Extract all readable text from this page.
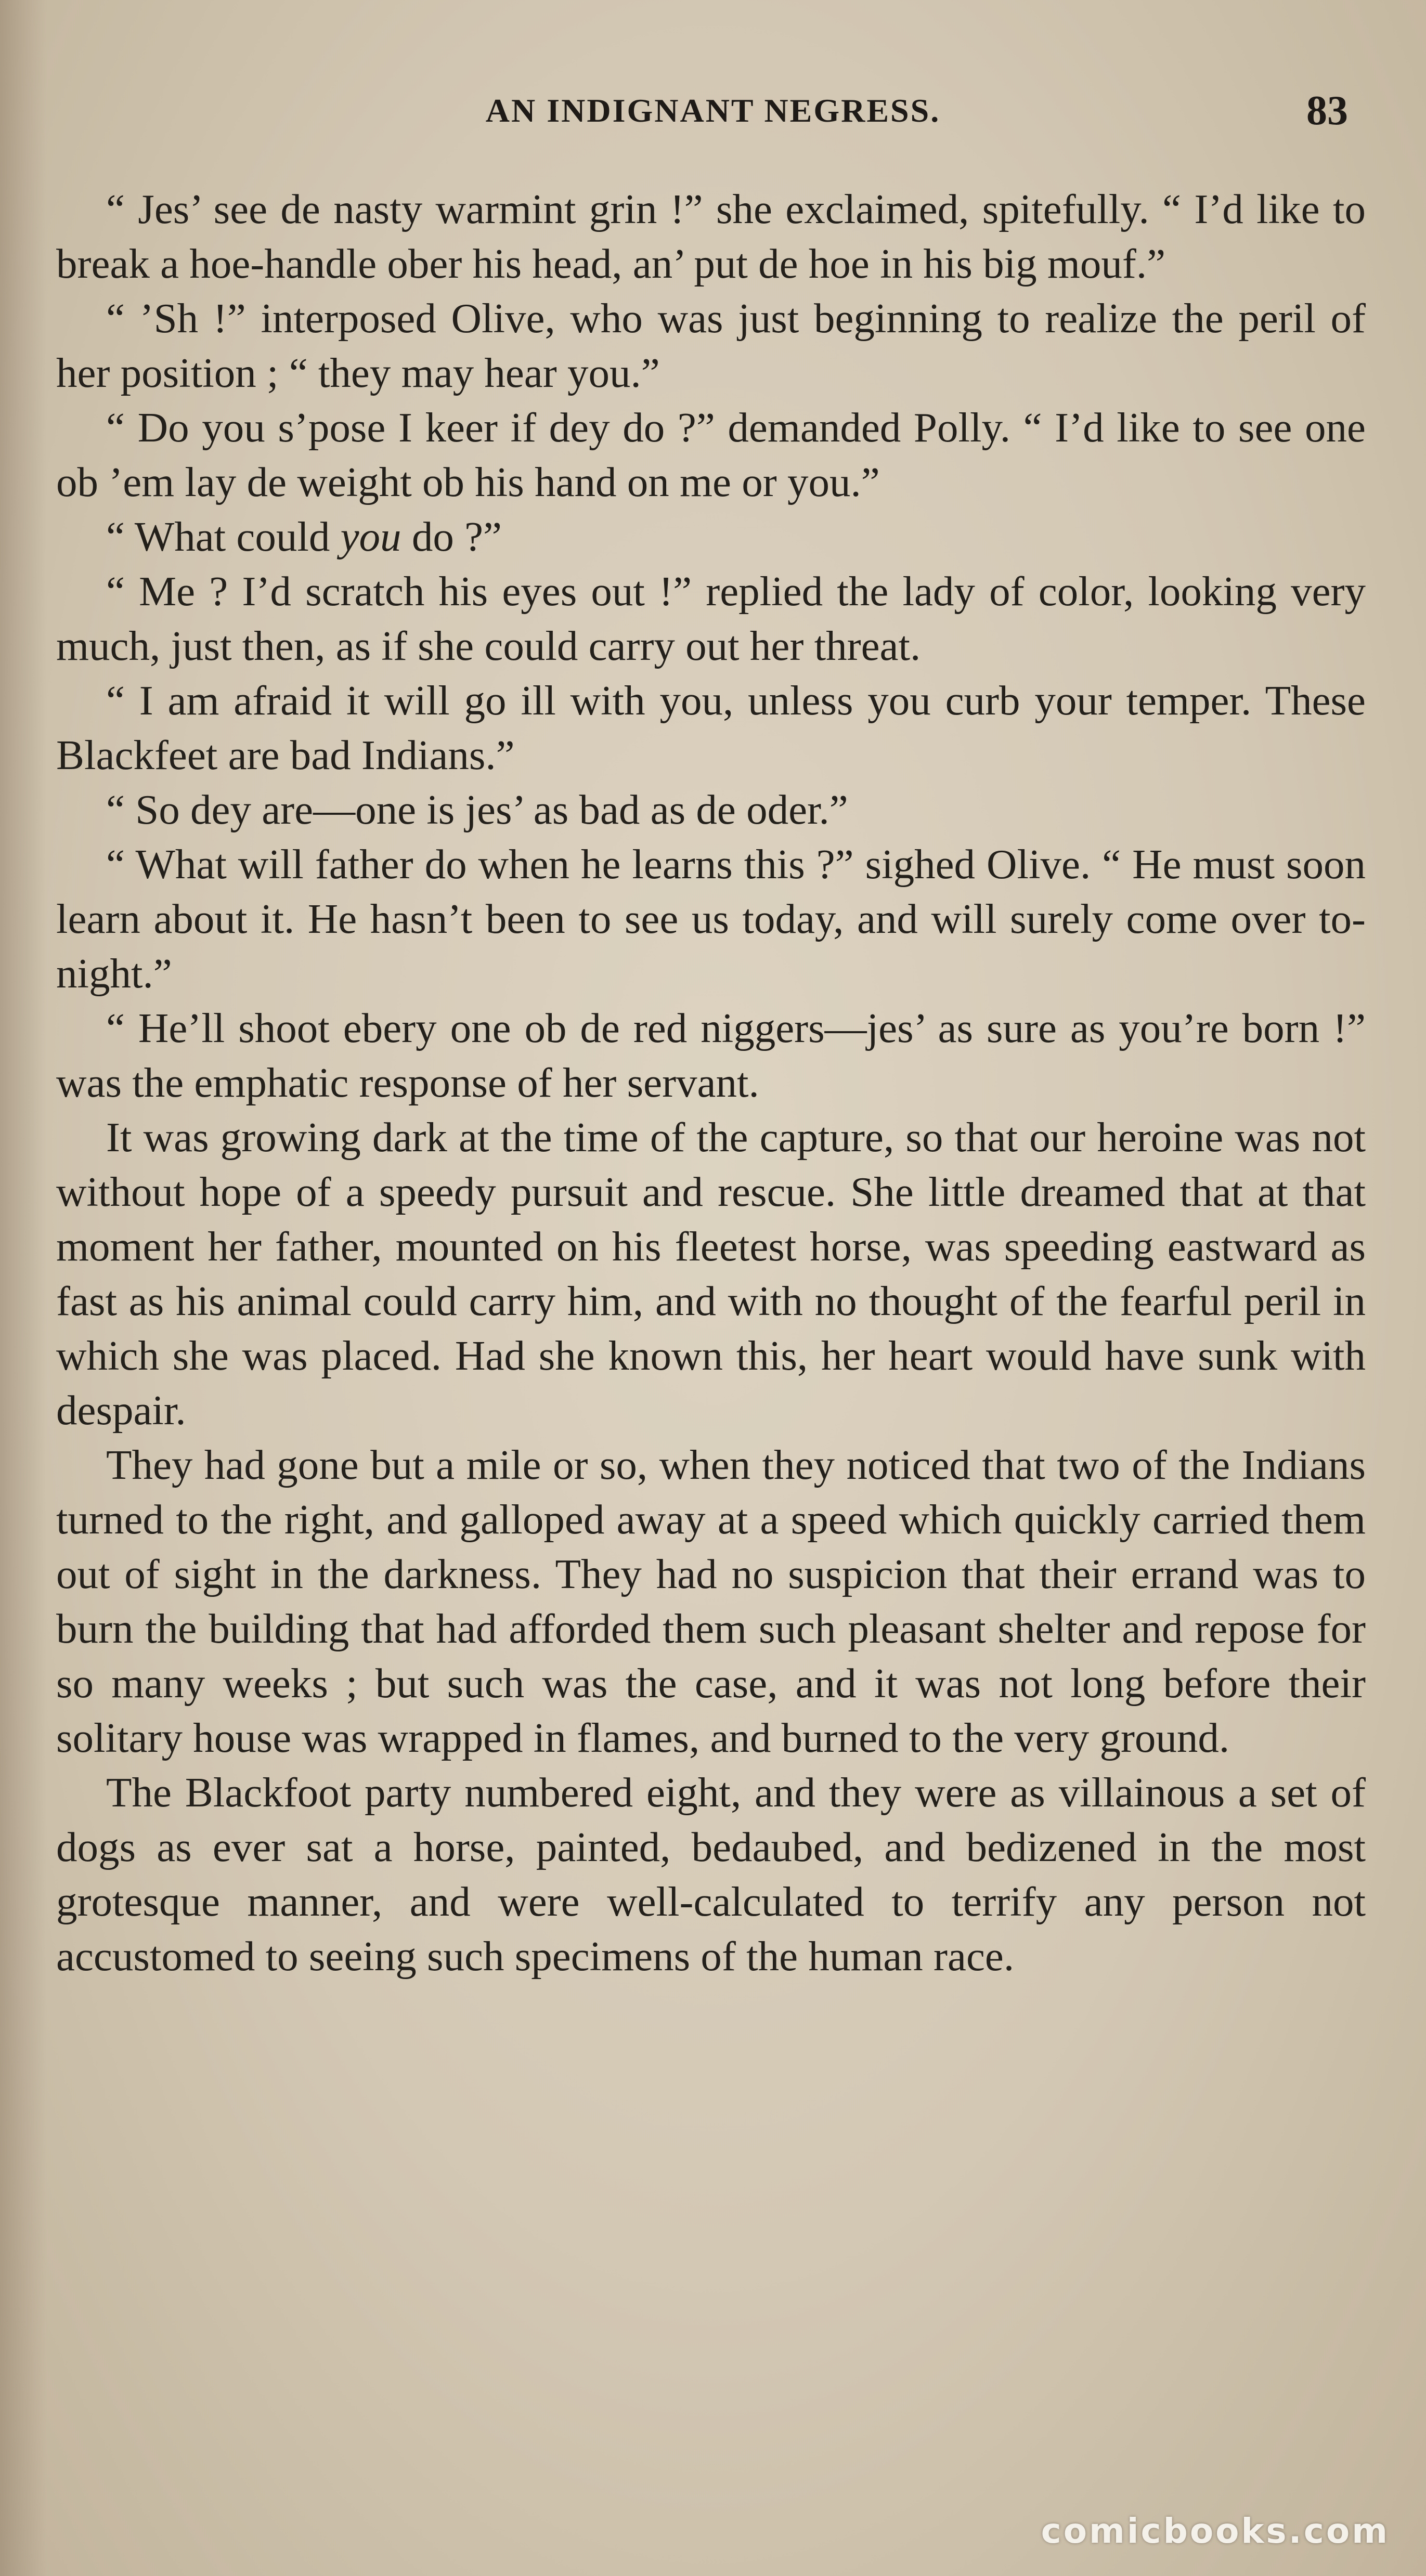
AN INDIGNANT NEGRESS.	83

“ Jes’ see de nasty warmint grin !” she exclaimed, spitefully. “ I’d like to break a hoe-handle ober his head, an’ put de hoe in his big mouf.”

“ ’Sh !” interposed Olive, who was just beginning to realize the peril of her position ; “ they may hear you.”

“ Do you s’pose I keer if dey do ?” demanded Polly. “ I’d like to see one ob ’em lay de weight ob his hand on me or you.”

“ What could you do ?”

“ Me ? I’d scratch his eyes out !” replied the lady of color, looking very much, just then, as if she could carry out her threat.

“ I am afraid it will go ill with you, unless you curb your temper. These Blackfeet are bad Indians.”

“ So dey are—one is jes’ as bad as de oder.”

“ What will father do when he learns this ?” sighed Olive. “ He must soon learn about it. He hasn’t been to see us today, and will surely come over to-night.”

“ He’ll shoot ebery one ob de red niggers—jes’ as sure as you’re born !” was the emphatic response of her servant.

It was growing dark at the time of the capture, so that our heroine was not without hope of a speedy pursuit and rescue. She little dreamed that at that moment her father, mounted on his fleetest horse, was speeding eastward as fast as his animal could carry him, and with no thought of the fearful peril in which she was placed. Had she known this, her heart would have sunk with despair.

They had gone but a mile or so, when they noticed that two of the Indians turned to the right, and galloped away at a speed which quickly carried them out of sight in the darkness. They had no suspicion that their errand was to burn the building that had afforded them such pleasant shelter and repose for so many weeks ; but such was the case, and it was not long before their solitary house was wrapped in flames, and burned to the very ground.

The Blackfoot party numbered eight, and they were as villainous a set of dogs as ever sat a horse, painted, bedaubed, and bedizened in the most grotesque manner, and were well-calculated to terrify any person not accustomed to seeing such specimens of the human race.

comicbooks.com
